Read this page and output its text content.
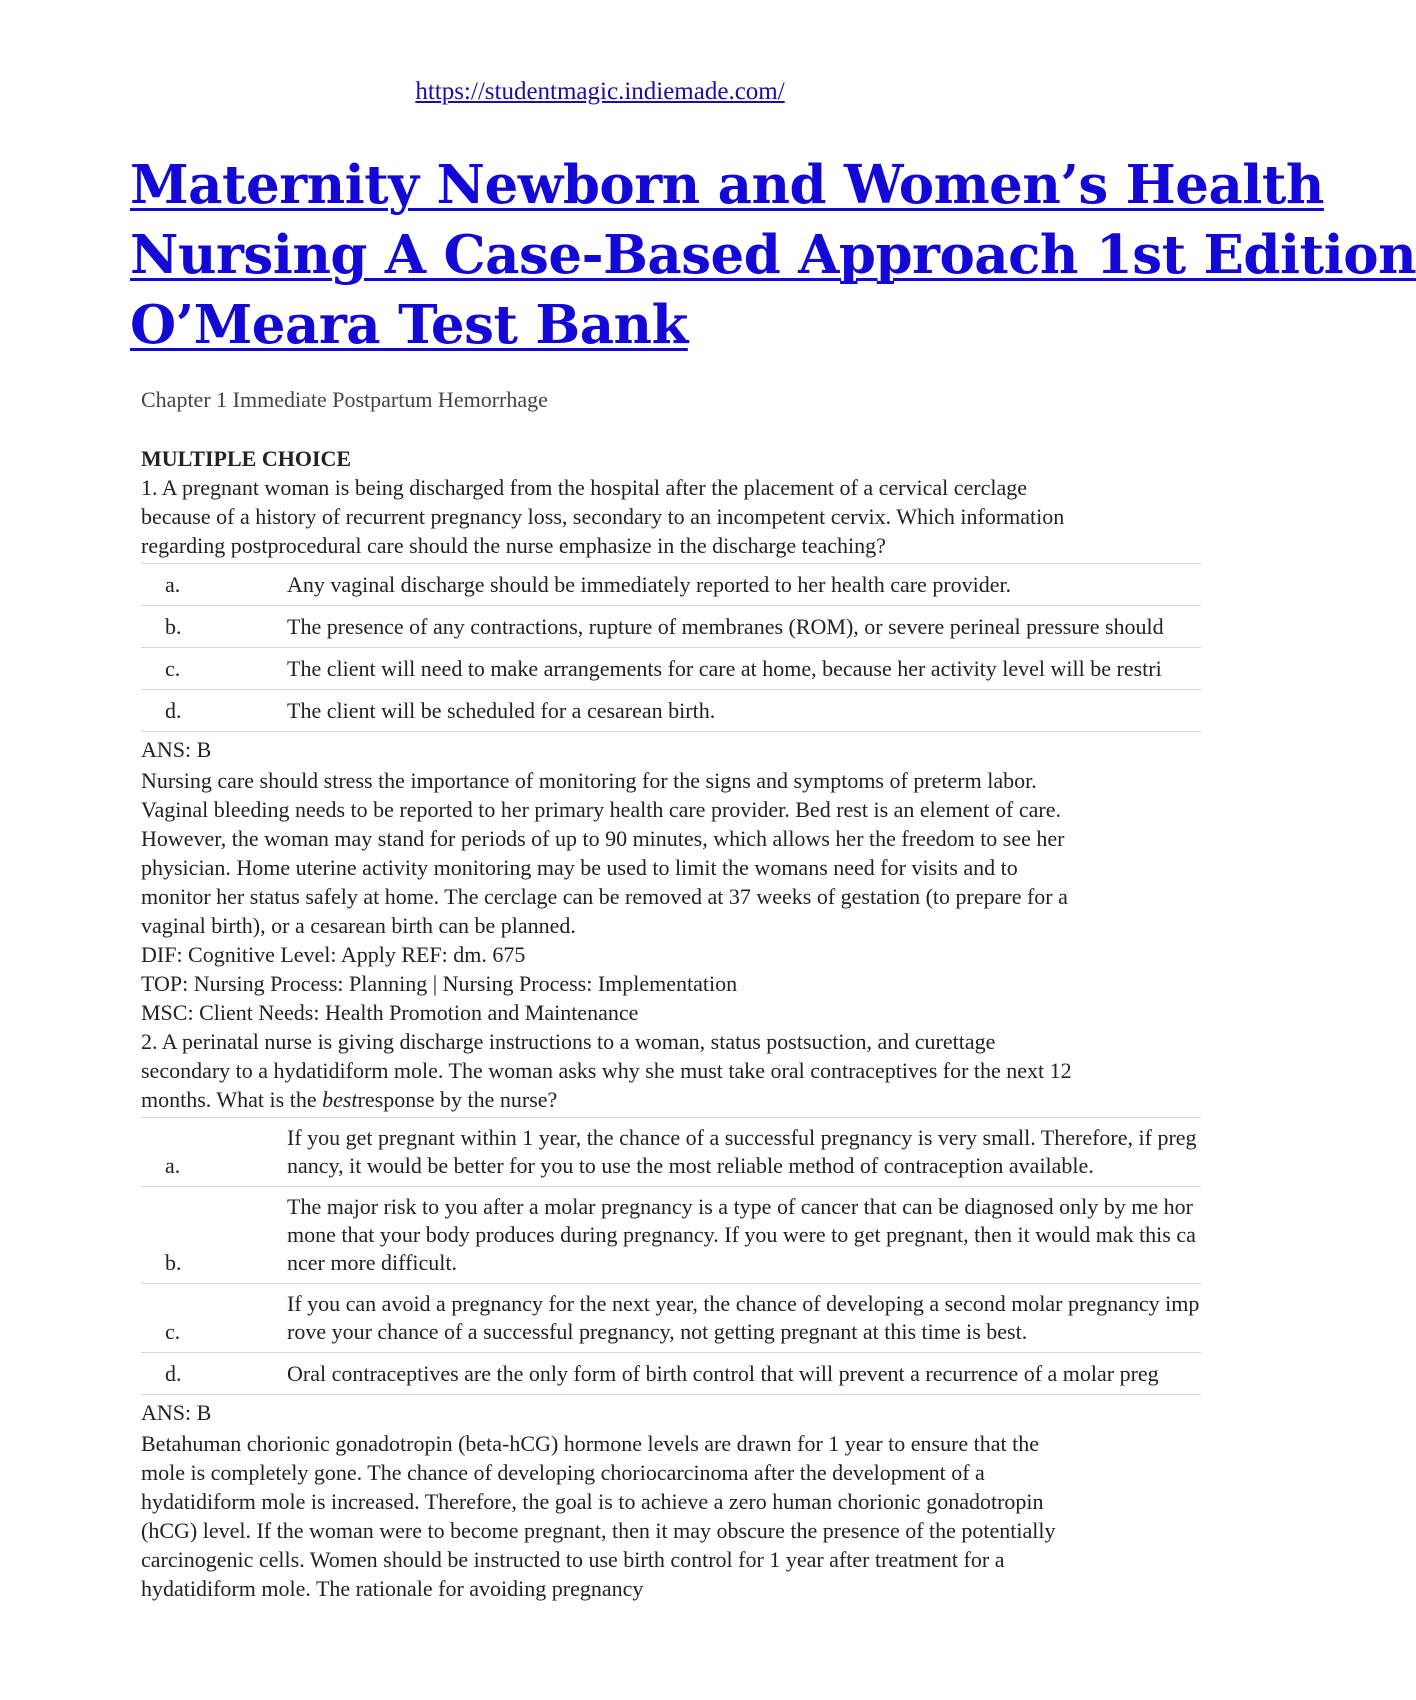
https://studentmagic.indiemade.com/
Maternity Newborn and Women’s Health
Nursing A Case-Based Approach 1st Edition
O’Meara Test Bank

Chapter 1 Immediate Postpartum Hemorrhage

MULTIPLE CHOICE

1. A pregnant woman is being discharged from the hospital after the placement of a cervical cerclage because of a history of recurrent pregnancy loss, secondary to an incompetent cervix. Which information regarding postprocedural care should the nurse emphasize in the discharge teaching?

a.	Any vaginal discharge should be immediately reported to her health care provider.
b.	The presence of any contractions, rupture of membranes (ROM), or severe perineal pressure should
c.	The client will need to make arrangements for care at home, because her activity level will be restri
d.	The client will be scheduled for a cesarean birth.

ANS: B

Nursing care should stress the importance of monitoring for the signs and symptoms of preterm labor. Vaginal bleeding needs to be reported to her primary health care provider. Bed rest is an element of care. However, the woman may stand for periods of up to 90 minutes, which allows her the freedom to see her physician. Home uterine activity monitoring may be used to limit the womans need for visits and to monitor her status safely at home. The cerclage can be removed at 37 weeks of gestation (to prepare for a vaginal birth), or a cesarean birth can be planned.

DIF: Cognitive Level: Apply REF: dm. 675

TOP: Nursing Process: Planning | Nursing Process: Implementation

MSC: Client Needs: Health Promotion and Maintenance

2. A perinatal nurse is giving discharge instructions to a woman, status postsuction, and curettage secondary to a hydatidiform mole. The woman asks why she must take oral contraceptives for the next 12 months. What is the bestresponse by the nurse?

a.	If you get pregnant within 1 year, the chance of a successful pregnancy is very small. Therefore, if pregnancy, it would be better for you to use the most reliable method of contraception available.
b.	The major risk to you after a molar pregnancy is a type of cancer that can be diagnosed only by me hormone that your body produces during pregnancy. If you were to get pregnant, then it would mak this cancer more difficult.
c.	If you can avoid a pregnancy for the next year, the chance of developing a second molar pregnancy improve your chance of a successful pregnancy, not getting pregnant at this time is best.
d.	Oral contraceptives are the only form of birth control that will prevent a recurrence of a molar preg

ANS: B

Betahuman chorionic gonadotropin (beta-hCG) hormone levels are drawn for 1 year to ensure that the mole is completely gone. The chance of developing choriocarcinoma after the development of a hydatidiform mole is increased. Therefore, the goal is to achieve a zero human chorionic gonadotropin (hCG) level. If the woman were to become pregnant, then it may obscure the presence of the potentially carcinogenic cells. Women should be instructed to use birth control for 1 year after treatment for a hydatidiform mole. The rationale for avoiding pregnancy
